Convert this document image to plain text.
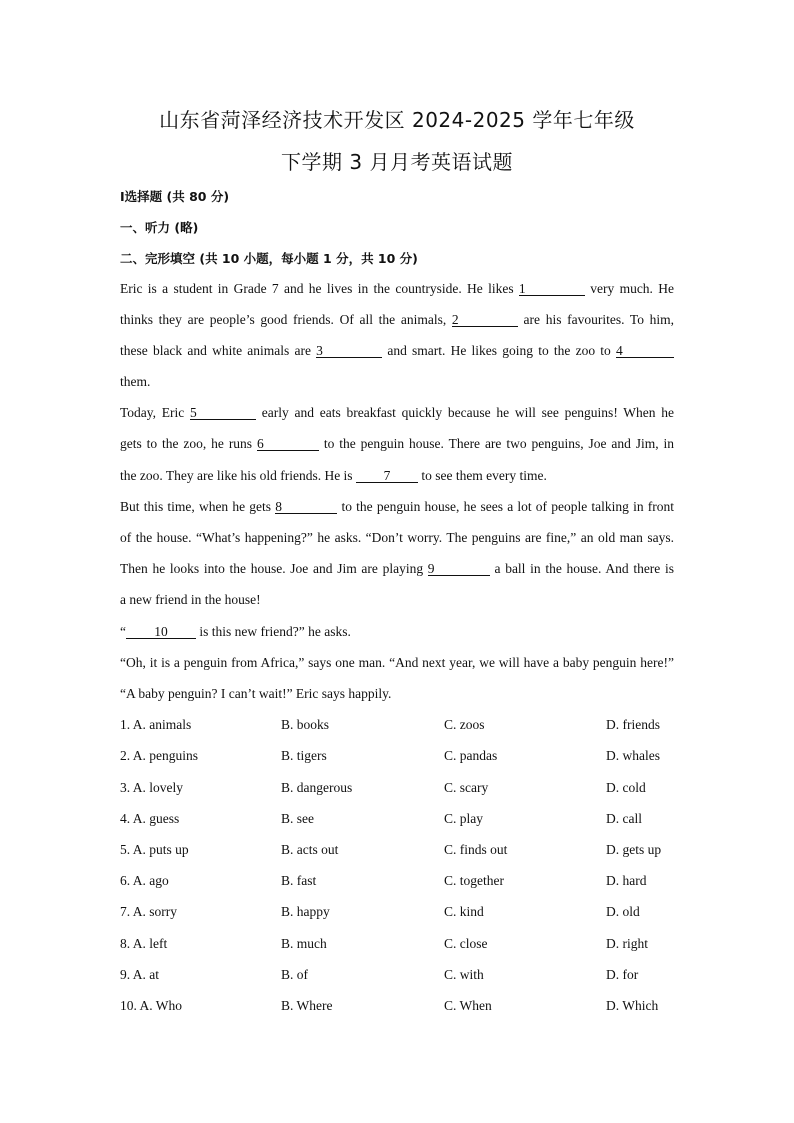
山东省菏泽经济技术开发区 2024-2025 学年七年级
下学期 3 月月考英语试题
Ⅰ选择题 (共 80 分)
一、听力 (略)
二、完形填空 (共 10 小题，每小题 1 分，共 10 分)
Eric is a student in Grade 7 and he lives in the countryside. He likes 1	very much. He
thinks they are people’s good friends. Of all the animals, 2	are his favourites. To him,
these black and white animals are 3	and smart. He likes going to the zoo to 4
them.
Today, Eric 5	early and eats breakfast quickly because he will see penguins! When he
gets to the zoo, he runs 6	to the penguin house. There are two penguins, Joe and Jim, in
the zoo. They are like his old friends. He is 7 to see them every time.
But this time, when he gets 8	to the penguin house, he sees a lot of people talking in front
of the house. “What’s happening?” he asks. “Don’t worry. The penguins are fine,” an old man says.
Then he looks into the house. Joe and Jim are playing 9	a ball in the house. And there is
a new friend in the house!
“ 10 is this new friend?” he asks.
“Oh, it is a penguin from Africa,” says one man. “And next year, we will have a baby penguin here!”
“A baby penguin? I can’t wait!” Eric says happily.
1. A. animals	B. books	C. zoos	D. friends
2. A. penguins	B. tigers	C. pandas	D. whales
3. A. lovely	B. dangerous	C. scary	D. cold
4. A. guess	B. see	C. play	D. call
5. A. puts up	B. acts out	C. finds out	D. gets up
6. A. ago	B. fast	C. together	D. hard
7. A. sorry	B. happy	C. kind	D. old
8. A. left	B. much	C. close	D. right
9. A. at	B. of	C. with	D. for
10. A. Who	B. Where	C. When	D. Which
